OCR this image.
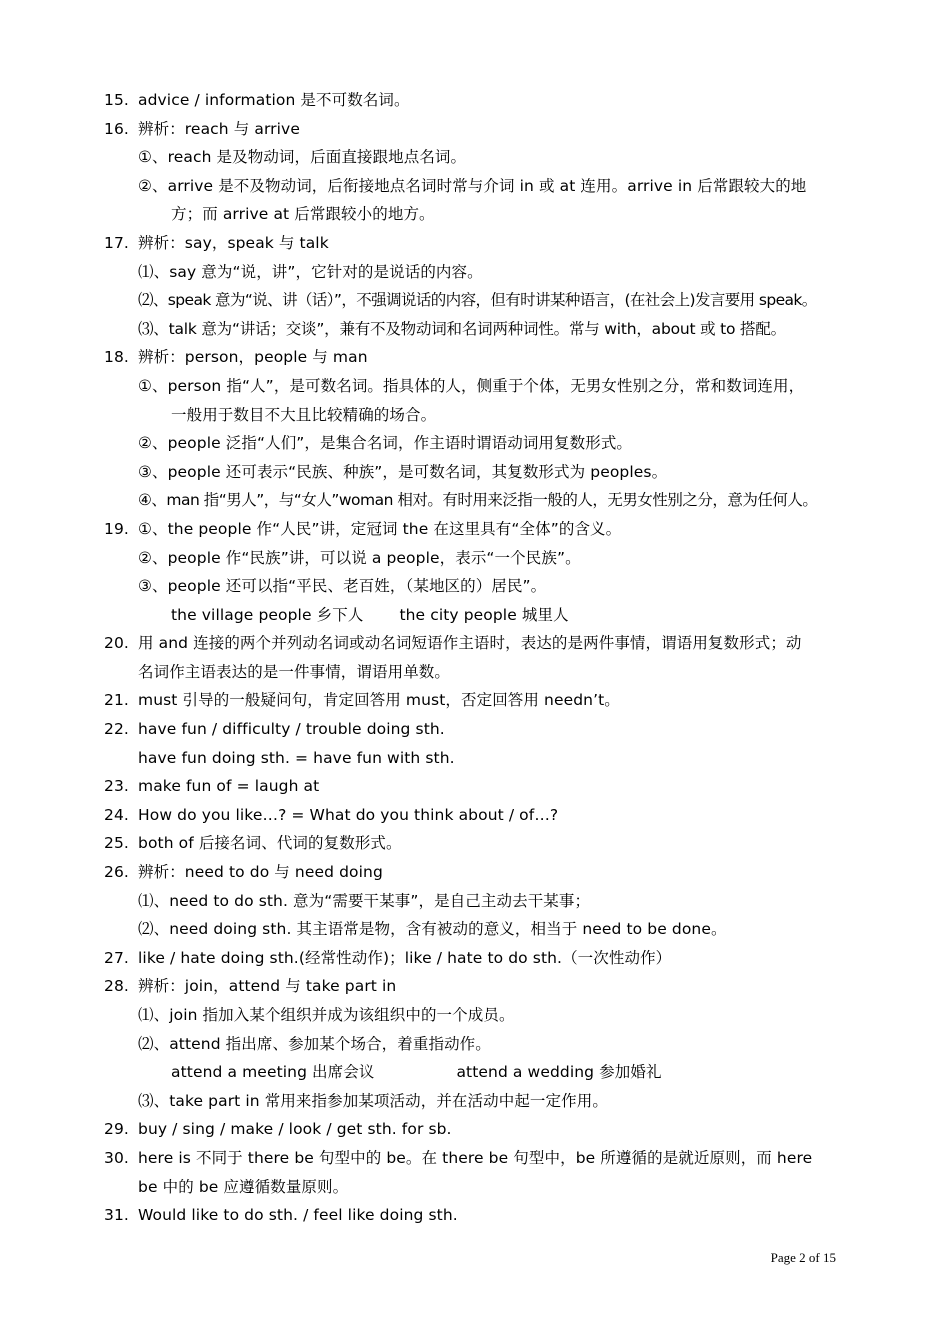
15. advice / information 是不可数名词。
16. 辨析：reach 与 arrive
①、reach 是及物动词，后面直接跟地点名词。
②、arrive 是不及物动词，后衔接地点名词时常与介词 in 或 at 连用。arrive in 后常跟较大的地
方；而 arrive at 后常跟较小的地方。
17. 辨析：say，speak 与 talk
⑴、say 意为“说，讲”，它针对的是说话的内容。
⑵、speak 意为“说、讲（话）”，不强调说话的内容，但有时讲某种语言，(在社会上)发言要用 speak。
⑶、talk 意为“讲话；交谈”，兼有不及物动词和名词两种词性。常与 with，about 或 to 搭配。
18. 辨析：person，people 与 man
①、person 指“人”，是可数名词。指具体的人，侧重于个体，无男女性别之分，常和数词连用，
一般用于数目不大且比较精确的场合。
②、people 泛指“人们”，是集合名词，作主语时谓语动词用复数形式。
③、people 还可表示“民族、种族”，是可数名词，其复数形式为 peoples。
④、man 指“男人”，与“女人”woman 相对。有时用来泛指一般的人，无男女性别之分，意为任何人。
19. ①、the people 作“人民”讲，定冠词 the 在这里具有“全体”的含义。
②、people 作“民族”讲，可以说 a people，表示“一个民族”。
③、people 还可以指“平民、老百姓，（某地区的）居民”。
the village people 乡下人 the city people 城里人
20. 用 and 连接的两个并列动名词或动名词短语作主语时，表达的是两件事情，谓语用复数形式；动
名词作主语表达的是一件事情，谓语用单数。
21. must 引导的一般疑问句，肯定回答用 must，否定回答用 needn’t。
22. have fun / difficulty / trouble doing sth.
have fun doing sth. = have fun with sth.
23. make fun of = laugh at
24. How do you like…? = What do you think about / of…?
25. both of 后接名词、代词的复数形式。
26. 辨析：need to do 与 need doing
⑴、need to do sth. 意为“需要干某事”，是自己主动去干某事；
⑵、need doing sth. 其主语常是物，含有被动的意义，相当于 need to be done。
27. like / hate doing sth.(经常性动作)；like / hate to do sth.（一次性动作）
28. 辨析：join，attend 与 take part in
⑴、join 指加入某个组织并成为该组织中的一个成员。
⑵、attend 指出席、参加某个场合，着重指动作。
attend a meeting 出席会议	attend a wedding 参加婚礼
⑶、take part in 常用来指参加某项活动，并在活动中起一定作用。
29. buy / sing / make / look / get sth. for sb.
30. here is 不同于 there be 句型中的 be。在 there be 句型中，be 所遵循的是就近原则，而 here
be 中的 be 应遵循数量原则。
31. Would like to do sth. / feel like doing sth.
Page 2 of 15
